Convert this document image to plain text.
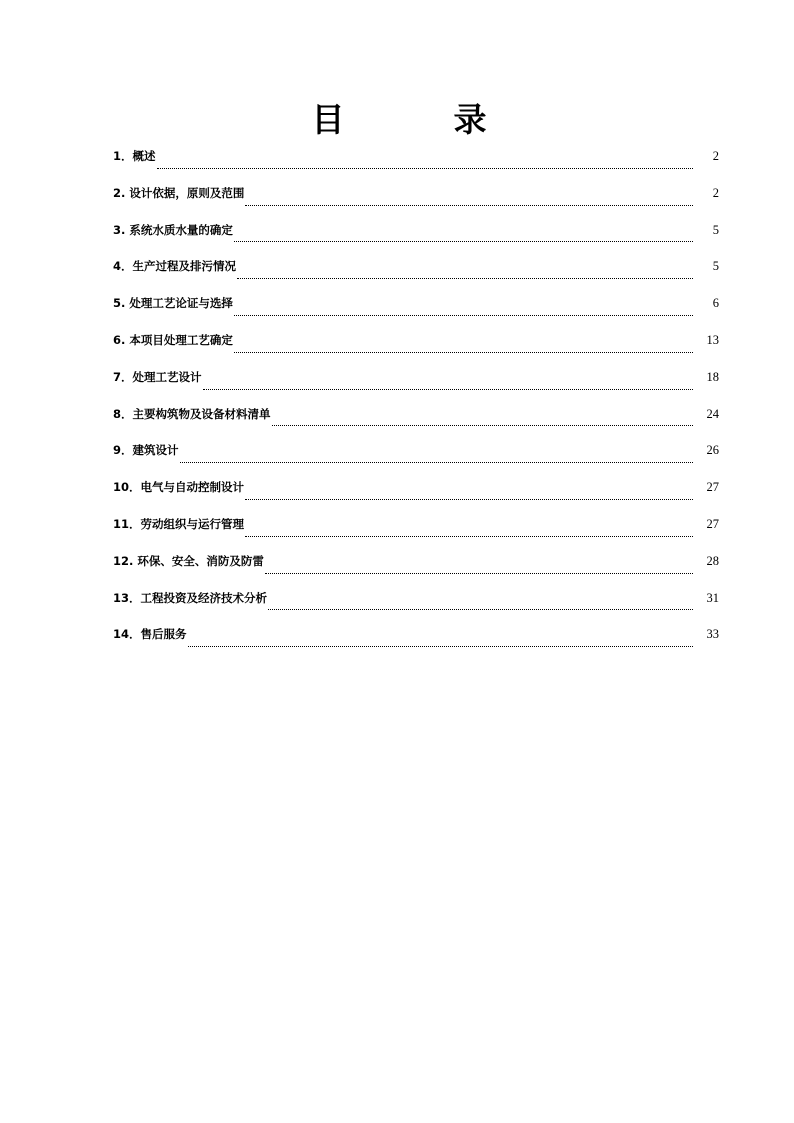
目　录
1．概述	2
2. 设计依据，原则及范围	2
3. 系统水质水量的确定	5
4．生产过程及排污情况	5
5. 处理工艺论证与选择	6
6. 本项目处理工艺确定	13
7．处理工艺设计	18
8．主要构筑物及设备材料清单	24
9．建筑设计	26
10．电气与自动控制设计	27
11．劳动组织与运行管理	27
12. 环保、安全、消防及防雷	28
13．工程投资及经济技术分析	31
14．售后服务	33
